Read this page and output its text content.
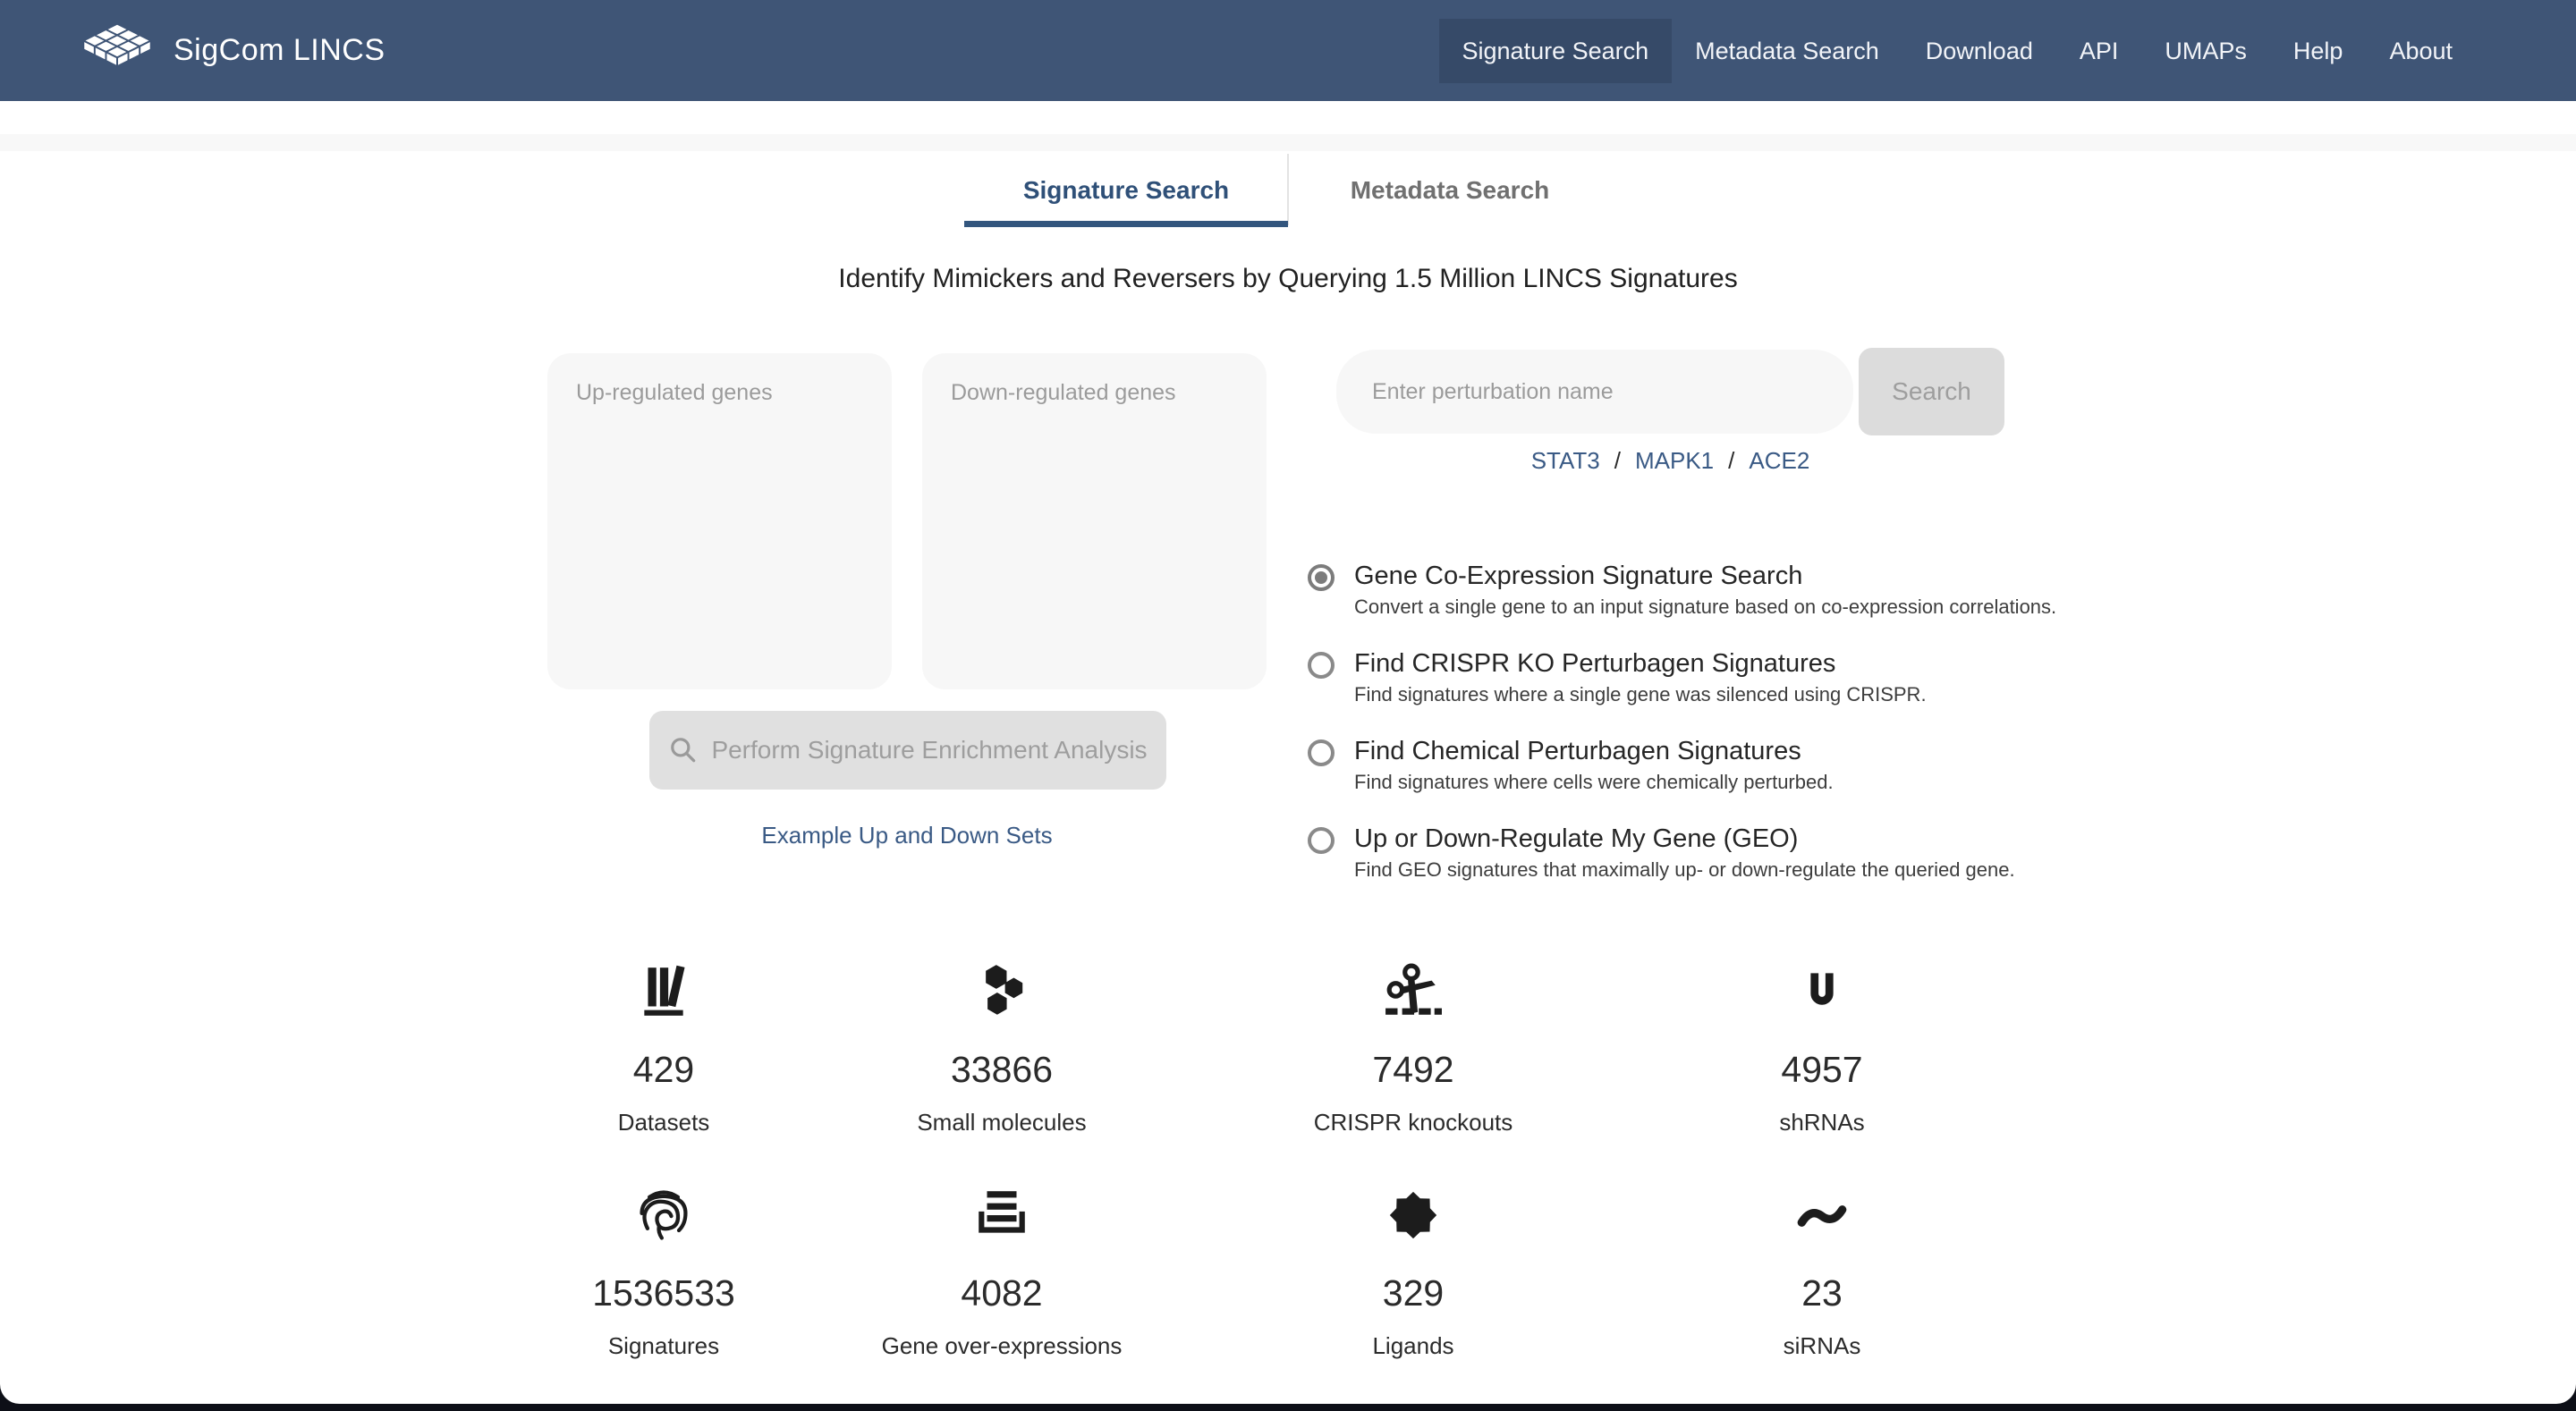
SigCom LINCS	Signature Search	Metadata Search	Download	API	UMAPs	Help	About
Signature Search	Metadata Search
Identify Mimickers and Reversers by Querying 1.5 Million LINCS Signatures
Up-regulated genes
Down-regulated genes
Perform Signature Enrichment Analysis
Example Up and Down Sets
Enter perturbation name
Search
STAT3 / MAPK1 / ACE2
Gene Co-Expression Signature Search
Convert a single gene to an input signature based on co-expression correlations.
Find CRISPR KO Perturbagen Signatures
Find signatures where a single gene was silenced using CRISPR.
Find Chemical Perturbagen Signatures
Find signatures where cells were chemically perturbed.
Up or Down-Regulate My Gene (GEO)
Find GEO signatures that maximally up- or down-regulate the queried gene.
429
Datasets
33866
Small molecules
7492
CRISPR knockouts
4957
shRNAs
1536533
Signatures
4082
Gene over-expressions
329
Ligands
23
siRNAs
